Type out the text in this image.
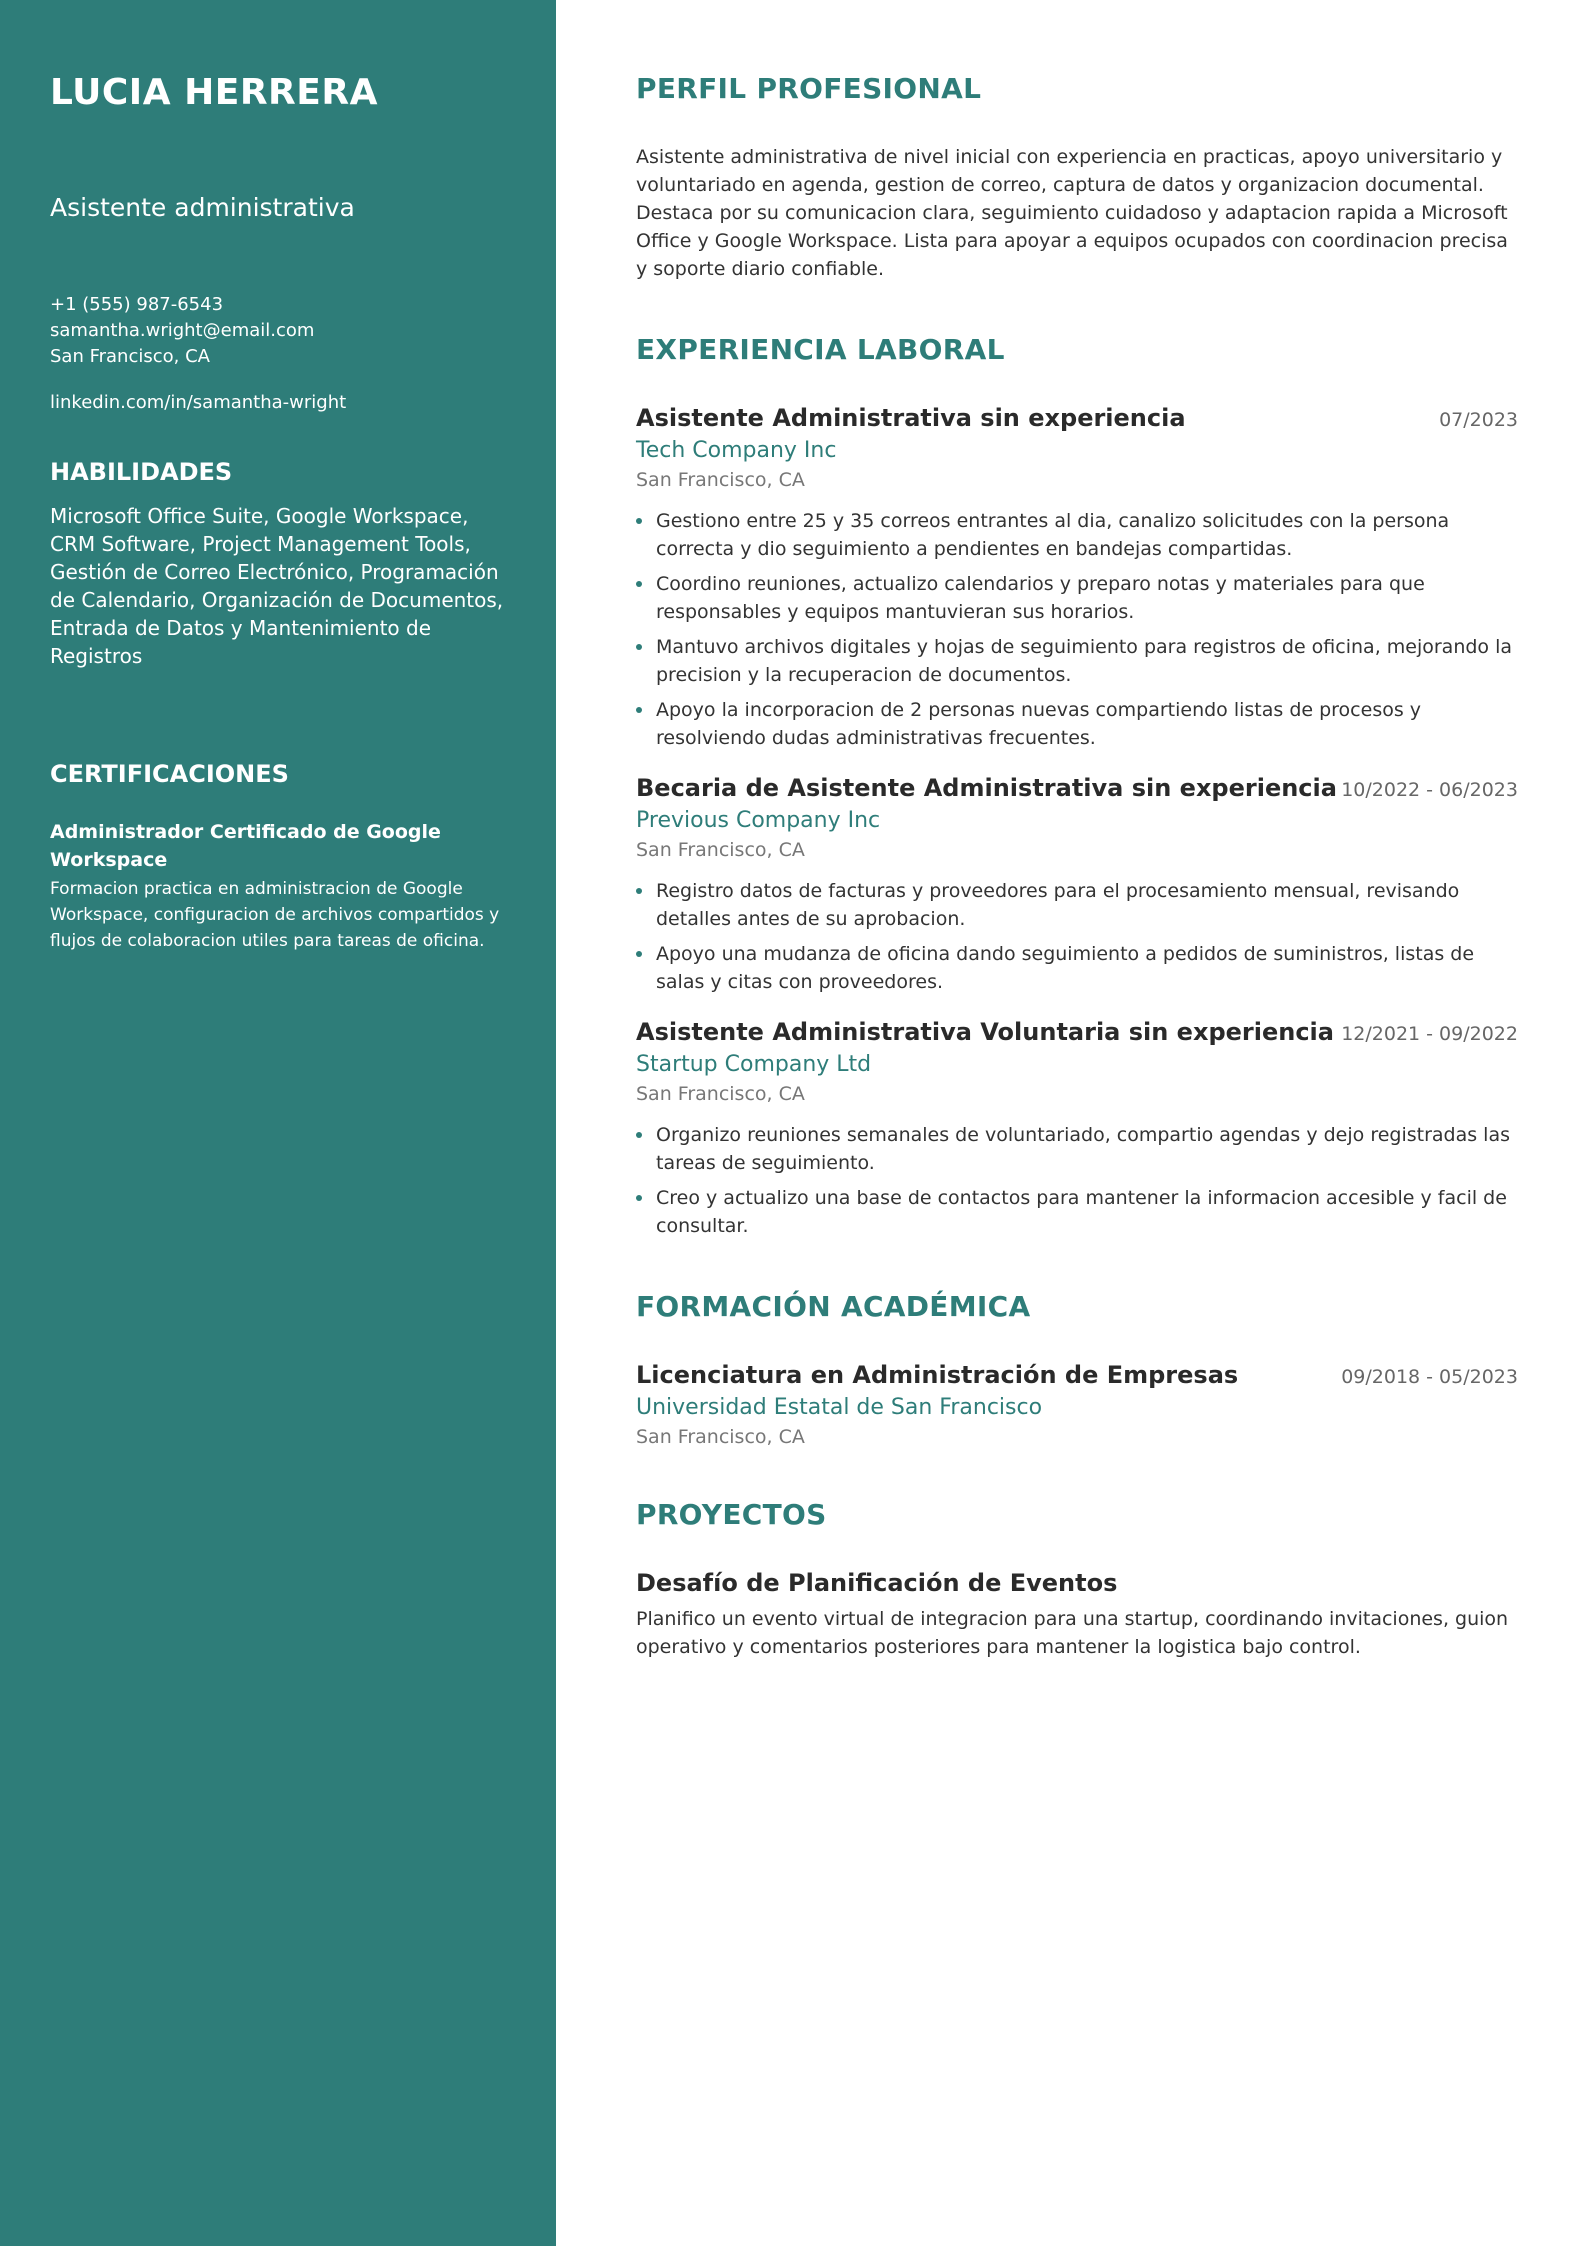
LUCIA HERRERA
Asistente administrativa
+1 (555) 987-6543
samantha.wright@email.com
San Francisco, CA
linkedin.com/in/samantha-wright
HABILIDADES
Microsoft Office Suite, Google Workspace, CRM Software, Project Management Tools, Gestión de Correo Electrónico, Programación de Calendario, Organización de Documentos, Entrada de Datos y Mantenimiento de Registros
CERTIFICACIONES
Administrador Certificado de Google Workspace
Formacion practica en administracion de Google Workspace, configuracion de archivos compartidos y flujos de colaboracion utiles para tareas de oficina.
PERFIL PROFESIONAL
Asistente administrativa de nivel inicial con experiencia en practicas, apoyo universitario y voluntariado en agenda, gestion de correo, captura de datos y organizacion documental. Destaca por su comunicacion clara, seguimiento cuidadoso y adaptacion rapida a Microsoft Office y Google Workspace. Lista para apoyar a equipos ocupados con coordinacion precisa y soporte diario confiable.
EXPERIENCIA LABORAL
Asistente Administrativa sin experiencia	07/2023
Tech Company Inc
San Francisco, CA
Gestiono entre 25 y 35 correos entrantes al dia, canalizo solicitudes con la persona correcta y dio seguimiento a pendientes en bandejas compartidas.
Coordino reuniones, actualizo calendarios y preparo notas y materiales para que responsables y equipos mantuvieran sus horarios.
Mantuvo archivos digitales y hojas de seguimiento para registros de oficina, mejorando la precision y la recuperacion de documentos.
Apoyo la incorporacion de 2 personas nuevas compartiendo listas de procesos y resolviendo dudas administrativas frecuentes.
Becaria de Asistente Administrativa sin experiencia 10/2022 - 06/2023
Previous Company Inc
San Francisco, CA
Registro datos de facturas y proveedores para el procesamiento mensual, revisando detalles antes de su aprobacion.
Apoyo una mudanza de oficina dando seguimiento a pedidos de suministros, listas de salas y citas con proveedores.
Asistente Administrativa Voluntaria sin experiencia 12/2021 - 09/2022
Startup Company Ltd
San Francisco, CA
Organizo reuniones semanales de voluntariado, compartio agendas y dejo registradas las tareas de seguimiento.
Creo y actualizo una base de contactos para mantener la informacion accesible y facil de consultar.
FORMACIÓN ACADÉMICA
Licenciatura en Administración de Empresas	09/2018 - 05/2023
Universidad Estatal de San Francisco
San Francisco, CA
PROYECTOS
Desafío de Planificación de Eventos
Planifico un evento virtual de integracion para una startup, coordinando invitaciones, guion operativo y comentarios posteriores para mantener la logistica bajo control.
